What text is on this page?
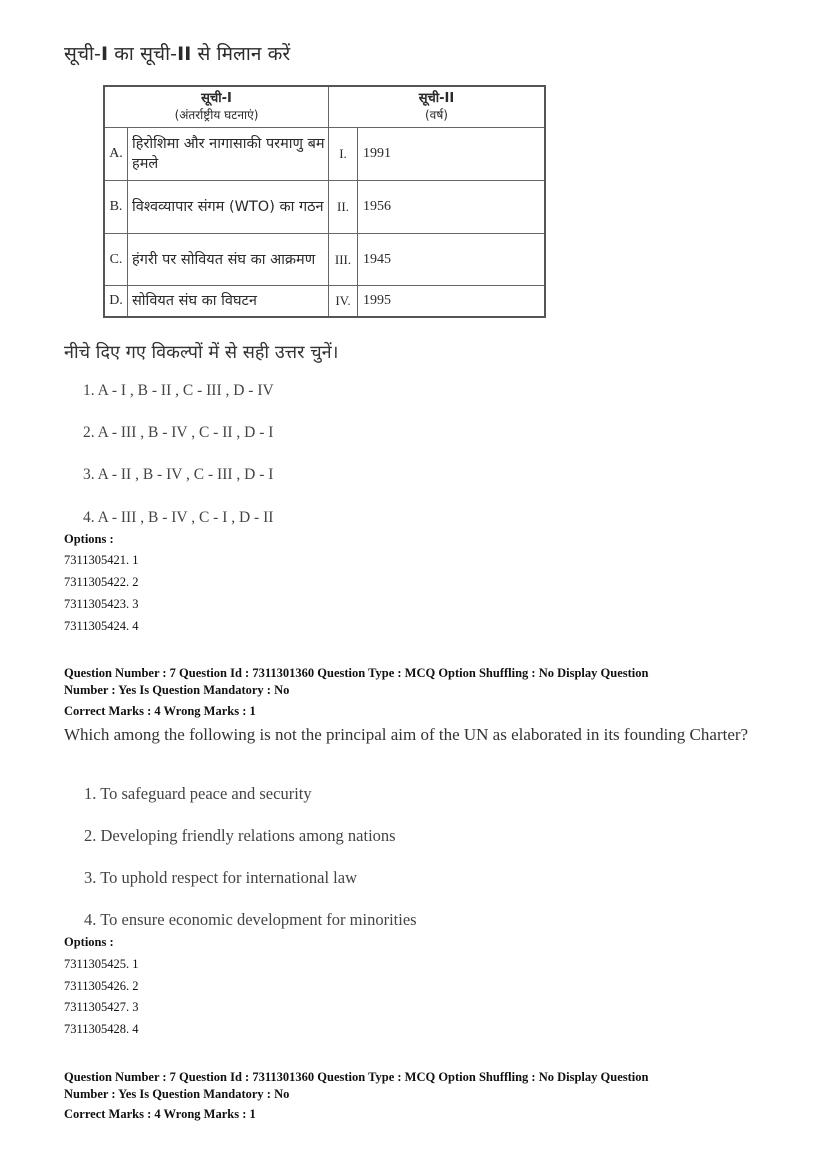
सूची-I का सूची-II से मिलान करें
सूची-I
(अंतर्राष्ट्रीय घटनाएं)		सूची-II
(वर्ष)	

A.	हिरोशिमा और नागासाकी परमाणु बम हमले	I.	1991
B.	विश्वव्यापार संगम (WTO) का गठन	II.	1956
C.	हंगरी पर सोवियत संघ का आक्रमण	III.	1945
D.	सोवियत संघ का विघटन	IV.	1995
नीचे दिए गए विकल्पों में से सही उत्तर चुनें।
1. A - I , B - II , C - III , D - IV
2. A - III , B - IV , C - II , D - I
3. A - II , B - IV , C - III , D - I
4. A - III , B - IV , C - I , D - II
Options :
7311305421. 1
7311305422. 2
7311305423. 3
7311305424. 4
Question Number : 7 Question Id : 7311301360 Question Type : MCQ Option Shuffling : No Display Question
Number : Yes Is Question Mandatory : No
Correct Marks : 4 Wrong Marks : 1
Which among the following is not the principal aim of the UN as elaborated in its founding Charter?
1. To safeguard peace and security
2. Developing friendly relations among nations
3. To uphold respect for international law
4. To ensure economic development for minorities
Options :
7311305425. 1
7311305426. 2
7311305427. 3
7311305428. 4
Question Number : 7 Question Id : 7311301360 Question Type : MCQ Option Shuffling : No Display Question
Number : Yes Is Question Mandatory : No
Correct Marks : 4 Wrong Marks : 1
